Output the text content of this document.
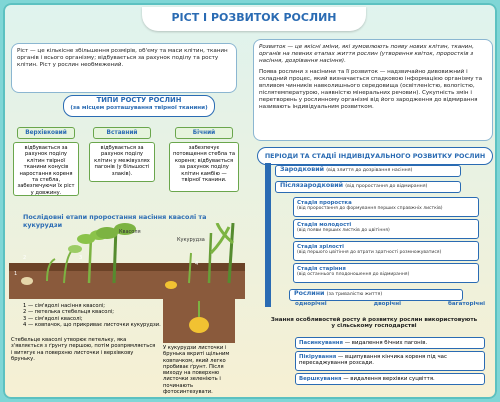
РІСТ І РОЗВИТОК РОСЛИН
Ріст — це кількісне збільшення розмірів, об'єму та маси клітин, тканин органів і всього організму; відбувається за рахунок поділу та росту клітин. Ріст у рослин необмежений.
ТИПИ РОСТУ РОСЛИН
(за місцем розташування твірної тканини)
Верхівковий	Вставний	Бічний
відбувається за рахунок поділу клітин твірної тканини конусів наростання кореня та стебла, забезпечуючи їх ріст у довжину.
відбувається за рахунок поділу клітин у межівузлях пагонів (у більшості злаків).
забезпечує потовщення стебла та кореня; відбувається за рахунок поділу клітин камбію — твірної тканини.
Послідовні етапи проростання насіння квасолі та кукурудзи
Квасоля
Кукурудза
2	3
1
4
1 — сім'ядолі насіння квасолі;
2 — петелька стебельця квасолі;
3 — сім'ядолі квасолі;
4 — ковпачок, що прикриває листочки кукурудзи.
Стебельце квасолі утворює петельку, яка з'являється з ґрунту першою, потім розпрямляється і витягує на поверхню листочки і верхівкову бруньку.
У кукурудзи листочки і брунька вкриті щільним ковпачком, який легко пробиває ґрунт. Після виходу на поверхню листочки зеленіють і починають фотосинтезувати.
Розвиток — це якісні зміни, які зумовлюють появу нових клітин, тканин, органів на певних етапах життя рослин (утворення квіток, проростків з насіння, дозрівання насіння).
Поява рослини з насінини та її розвиток — надзвичайно дивовижний і складний процес, який визначається спадковою інформацією організму та впливом чинників навколишнього середовища (освітленістю, вологістю, післятемпературою, наявністю мінеральних речовин). Сукупність змін і перетворень у рослинному організмі від його зародження до відмирання називають індивідуальним розвитком.
ПЕРІОДИ ТА СТАДІЇ ІНДИВІДУАЛЬНОГО РОЗВИТКУ РОСЛИН
Зародковий (від злиття до дозрівання насіння)
Післязародковий (від проростання до відмирання)
Стадія проростка
(від проростання до формування перших справжніх листків)
Стадія молодості
(від появи перших листків до цвітіння)
Стадія зрілості
(від першого цвітіння до втрати здатності розмножуватися)
Стадія старіння
(від останнього плодоношення до відмирання)
Рослини (за тривалістю життя)
однорічні	дворічні	багаторічні
Знання особливостей росту й розвитку рослин використовують у сільському господарстві
Пасинкування — видалення бічних пагонів.
Пікірування — вщипування кінчика кореня під час пересаджування розсади.
Вершкування — видалення верхівки суцвіття.
